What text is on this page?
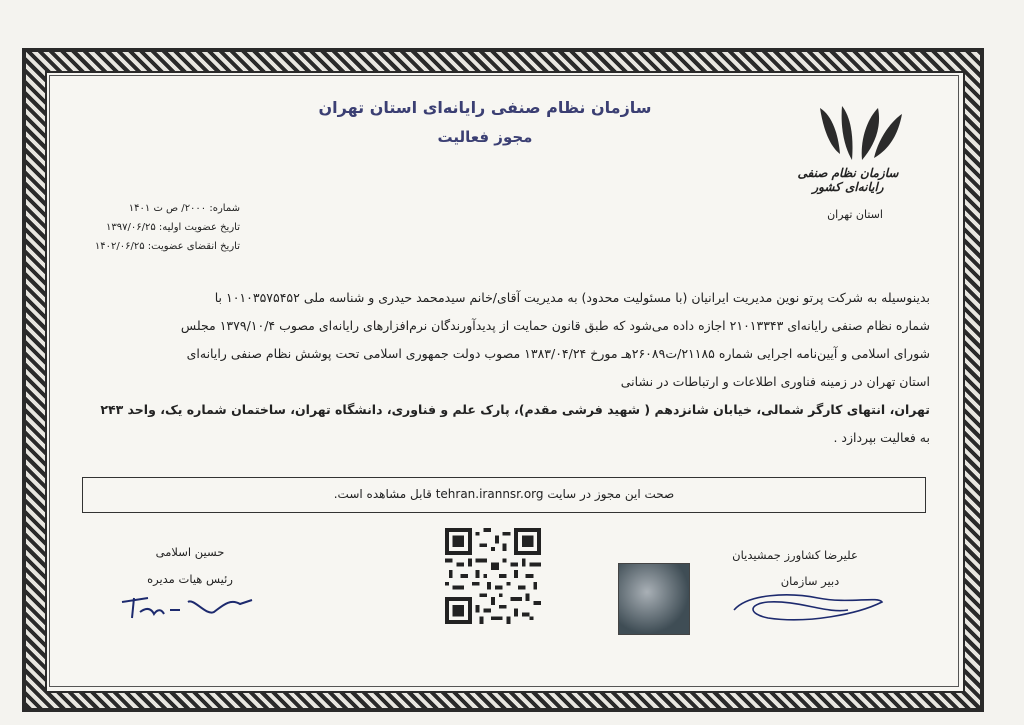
سازمان نظام صنفی رایانه‌ای استان تهران
مجوز فعالیت
سازمان نظام صنفی رایانه‌ای کشور
استان تهران
شماره: ۲۰۰۰/ ص ت ۱۴۰۱
تاریخ عضویت اولیه: ۱۳۹۷/۰۶/۲۵
تاریخ انقضای عضویت: ۱۴۰۲/۰۶/۲۵
بدینوسیله به شرکت پرتو نوین مدیریت ایرانیان (با مسئولیت محدود) به مدیریت آقای/خانم سیدمحمد حیدری و شناسه ملی ۱۰۱۰۳۵۷۵۴۵۲ با
شماره نظام صنفی رایانه‌ای ۲۱۰۱۳۳۴۳ اجازه داده می‌شود که طبق قانون حمایت از پدیدآورندگان نرم‌افزارهای رایانه‌ای مصوب ۱۳۷۹/۱۰/۴ مجلس
شورای اسلامی و آیین‌نامه اجرایی شماره ۲۱۱۸۵/ت۲۶۰۸۹هـ مورخ ۱۳۸۳/۰۴/۲۴ مصوب دولت جمهوری اسلامی تحت پوشش نظام صنفی رایانه‌ای
استان تهران در زمینه فناوری اطلاعات و ارتباطات در نشانی
تهران، انتهای کارگر شمالی، خیابان شانزدهم ( شهید فرشی مقدم)، پارک علم و فناوری، دانشگاه تهران، ساختمان شماره یک، واحد ۲۴۳
به فعالیت بپردازد .
صحت این مجوز در سایت tehran.irannsr.org قابل مشاهده است.
حسین اسلامی
رئیس هیات مدیره
علیرضا کشاورز جمشیدیان
دبیر سازمان
